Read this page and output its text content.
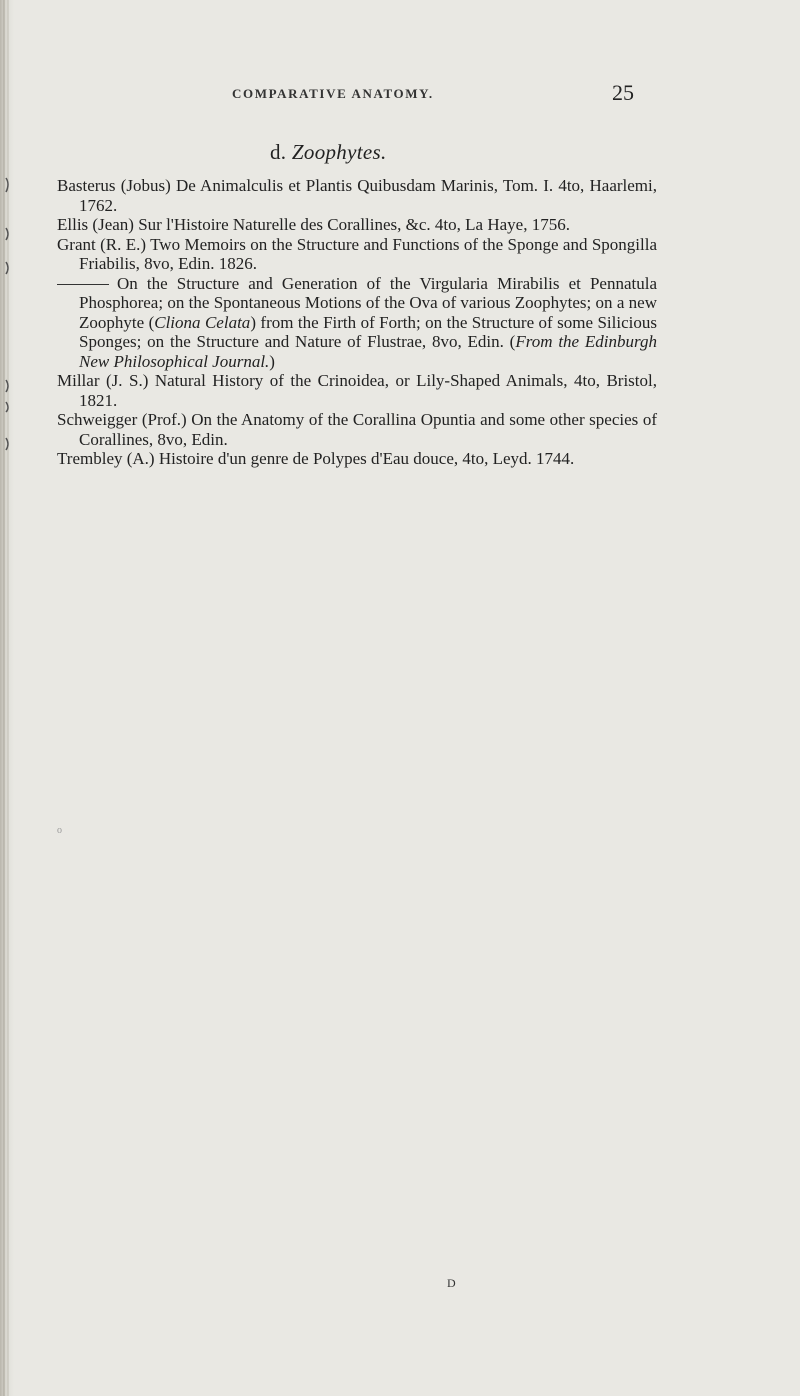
COMPARATIVE ANATOMY.	25
d. Zoophytes.
Basterus (Jobus) De Animalculis et Plantis Quibusdam Marinis, Tom. I. 4to, Haarlemi, 1762.
Ellis (Jean) Sur l'Histoire Naturelle des Corallines, &c. 4to, La Haye, 1756.
Grant (R. E.) Two Memoirs on the Structure and Functions of the Sponge and Spongilla Friabilis, 8vo, Edin. 1826.
On the Structure and Generation of the Virgularia Mirabilis et Pennatula Phosphorea; on the Spontaneous Motions of the Ova of various Zoophytes; on a new Zoophyte (Cliona Celata) from the Firth of Forth; on the Structure of some Silicious Sponges; on the Structure and Nature of Flustrae, 8vo, Edin. (From the Edinburgh New Philosophical Journal.)
Millar (J. S.) Natural History of the Crinoidea, or Lily-Shaped Animals, 4to, Bristol, 1821.
Schweigger (Prof.) On the Anatomy of the Corallina Opuntia and some other species of Corallines, 8vo, Edin.
Trembley (A.) Histoire d'un genre de Polypes d'Eau douce, 4to, Leyd. 1744.
o
D
